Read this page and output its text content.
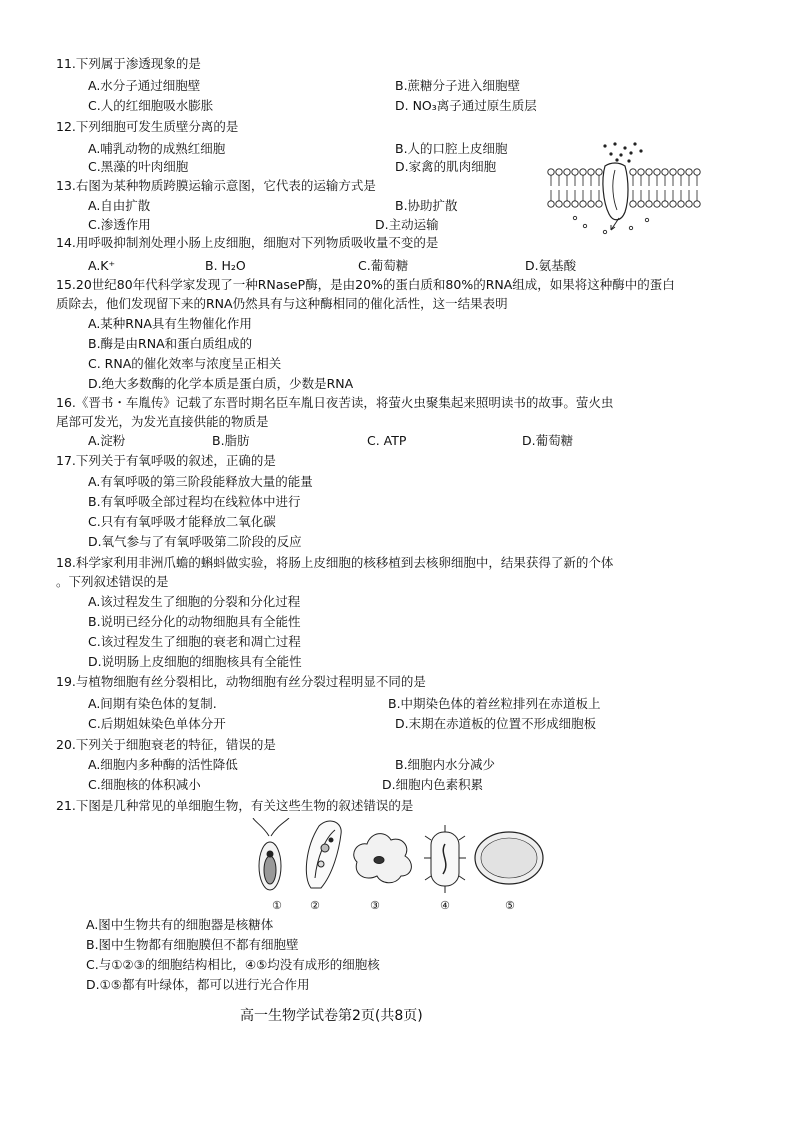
11.下列属于渗透现象的是
A.水分子通过细胞壁	B.蔗糖分子进入细胞壁
C.人的红细胞吸水膨胀	D. NO₃离子通过原生质层
12.下列细胞可发生质壁分离的是
A.哺乳动物的成熟红细胞	B.人的口腔上皮细胞
C.黑藻的叶肉细胞	D.家禽的肌肉细胞
13.右图为某种物质跨膜运输示意图，它代表的运输方式是
A.自由扩散	B.协助扩散
C.渗透作用	D.主动运输
14.用呼吸抑制剂处理小肠上皮细胞，细胞对下列物质吸收量不变的是
A.K⁺	B. H₂O	C.葡萄糖	D.氨基酸
15.20世纪80年代科学家发现了一种RNaseP酶，是由20%的蛋白质和80%的RNA组成，如果将这种酶中的蛋白
质除去，他们发现留下来的RNA仍然具有与这种酶相同的催化活性，这一结果表明
A.某种RNA具有生物催化作用
B.酶是由RNA和蛋白质组成的
C. RNA的催化效率与浓度呈正相关
D.绝大多数酶的化学本质是蛋白质，少数是RNA
16.《晋书・车胤传》记载了东晋时期名臣车胤日夜苦读，将萤火虫聚集起来照明读书的故事。萤火虫
尾部可发光，为发光直接供能的物质是
A.淀粉	B.脂肪	C. ATP	D.葡萄糖
17.下列关于有氧呼吸的叙述，正确的是
A.有氧呼吸的第三阶段能释放大量的能量
B.有氧呼吸全部过程均在线粒体中进行
C.只有有氧呼吸才能释放二氧化碳
D.氧气参与了有氧呼吸第二阶段的反应
18.科学家利用非洲爪蟾的蝌蚪做实验，将肠上皮细胞的核移植到去核卵细胞中，结果获得了新的个体
。下列叙述错误的是
A.该过程发生了细胞的分裂和分化过程
B.说明已经分化的动物细胞具有全能性
C.该过程发生了细胞的衰老和凋亡过程
D.说明肠上皮细胞的细胞核具有全能性
19.与植物细胞有丝分裂相比，动物细胞有丝分裂过程明显不同的是
A.间期有染色体的复制.	B.中期染色体的着丝粒排列在赤道板上
C.后期姐妹染色单体分开	D.末期在赤道板的位置不形成细胞板
20.下列关于细胞衰老的特征，错误的是
A.细胞内多种酶的活性降低	B.细胞内水分减少
C.细胞核的体积减小	D.细胞内色素积累
21.下图是几种常见的单细胞生物，有关这些生物的叙述错误的是
①	②	③	④	⑤
A.图中生物共有的细胞器是核糖体
B.图中生物都有细胞膜但不都有细胞壁
C.与①②③的细胞结构相比，④⑤均没有成形的细胞核
D.①⑤都有叶绿体，都可以进行光合作用
高一生物学试卷第2页(共8页)
